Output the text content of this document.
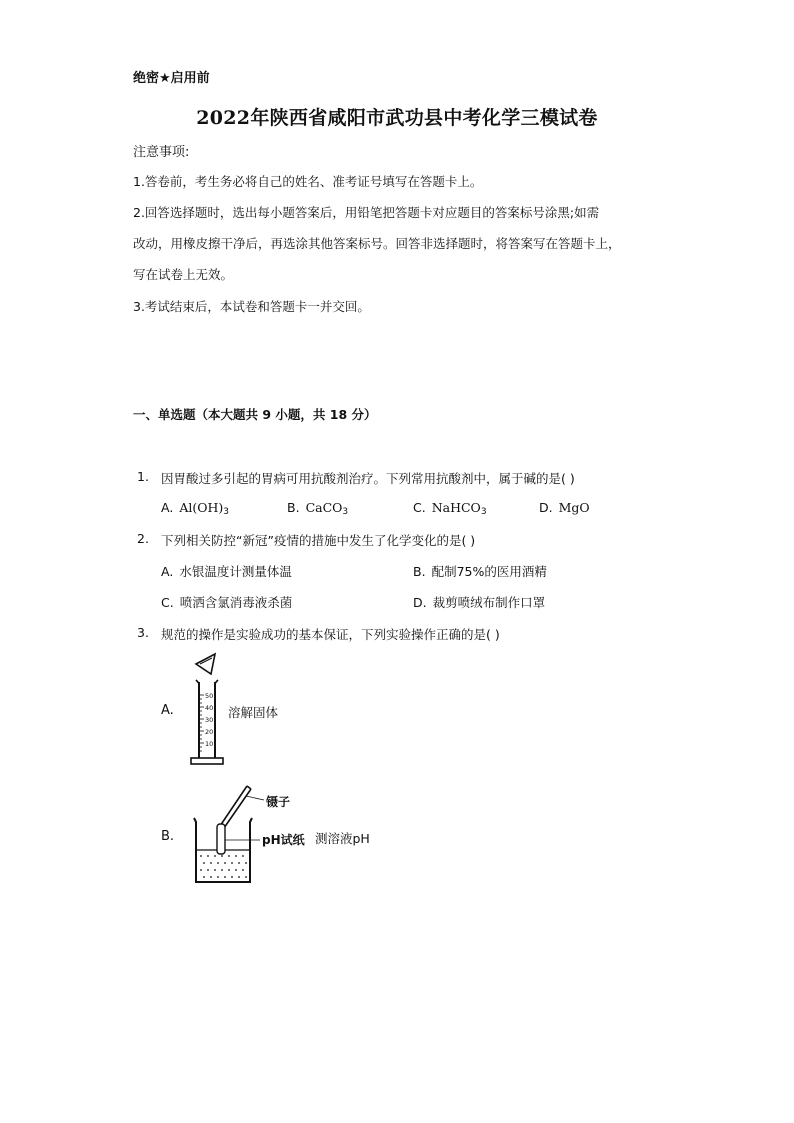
绝密★启用前
2022年陕西省咸阳市武功县中考化学三模试卷
注意事项:
1.答卷前，考生务必将自己的姓名、准考证号填写在答题卡上。
2.回答选择题时，选出每小题答案后，用铅笔把答题卡对应题目的答案标号涂黑;如需
改动，用橡皮擦干净后，再选涂其他答案标号。回答非选择题时，将答案写在答题卡上，
写在试卷上无效。
3.考试结束后，本试卷和答题卡一并交回。
一、单选题（本大题共 9 小题，共 18 分）
1. 因胃酸过多引起的胃病可用抗酸剂治疗。下列常用抗酸剂中，属于碱的是( )
A. $Al(OH)_3$	B. CaCO$_3$	C. NaHCO$_3$	D. MgO
2. 下列相关防控“新冠”疫情的措施中发生了化学变化的是( )
A. 水银温度计测量体温	B. 配制75%的医用酒精
C. 喷洒含氯消毒液杀菌	D. 裁剪喷绒布制作口罩
3. 规范的操作是实验成功的基本保证，下列实验操作正确的是( )
A.
50
40
30
20
10
溶解固体
B.
镊子
pH试纸 测溶液pH
